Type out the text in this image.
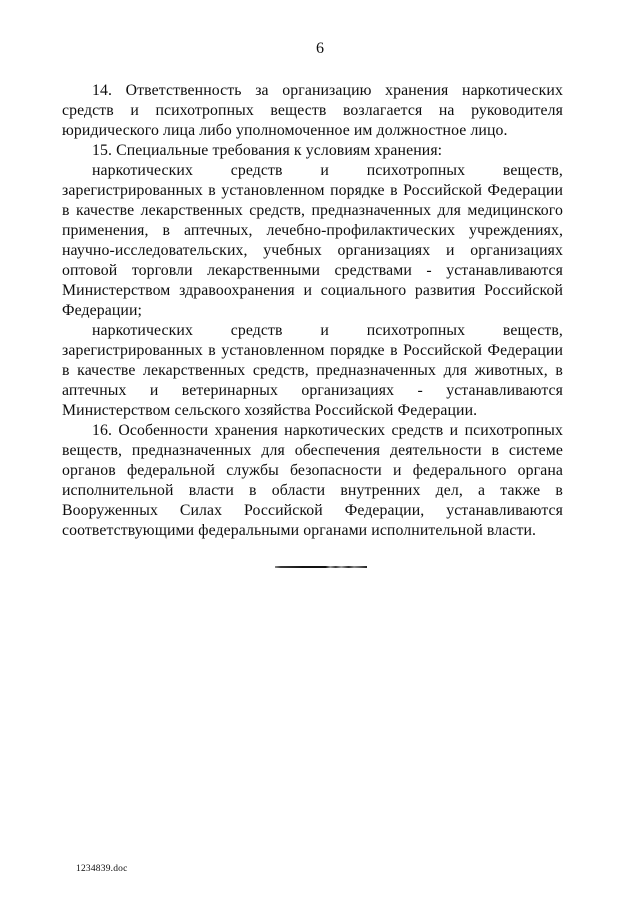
6

14. Ответственность за организацию хранения наркотических средств и психотропных веществ возлагается на руководителя юридического лица либо уполномоченное им должностное лицо.

15. Специальные требования к условиям хранения:

наркотических средств и психотропных веществ, зарегистрированных в установленном порядке в Российской Федерации в качестве лекарственных средств, предназначенных для медицинского применения, в аптечных, лечебно-профилактических учреждениях, научно-исследовательских, учебных организациях и организациях оптовой торговли лекарственными средствами - устанавливаются Министерством здравоохранения и социального развития Российской Федерации;

наркотических средств и психотропных веществ, зарегистрированных в установленном порядке в Российской Федерации в качестве лекарственных средств, предназначенных для животных, в аптечных и ветеринарных организациях - устанавливаются Министерством сельского хозяйства Российской Федерации.

16. Особенности хранения наркотических средств и психотропных веществ, предназначенных для обеспечения деятельности в системе органов федеральной службы безопасности и федерального органа исполнительной власти в области внутренних дел, а также в Вооруженных Силах Российской Федерации, устанавливаются соответствующими федеральными органами исполнительной власти.

1234839.doc
